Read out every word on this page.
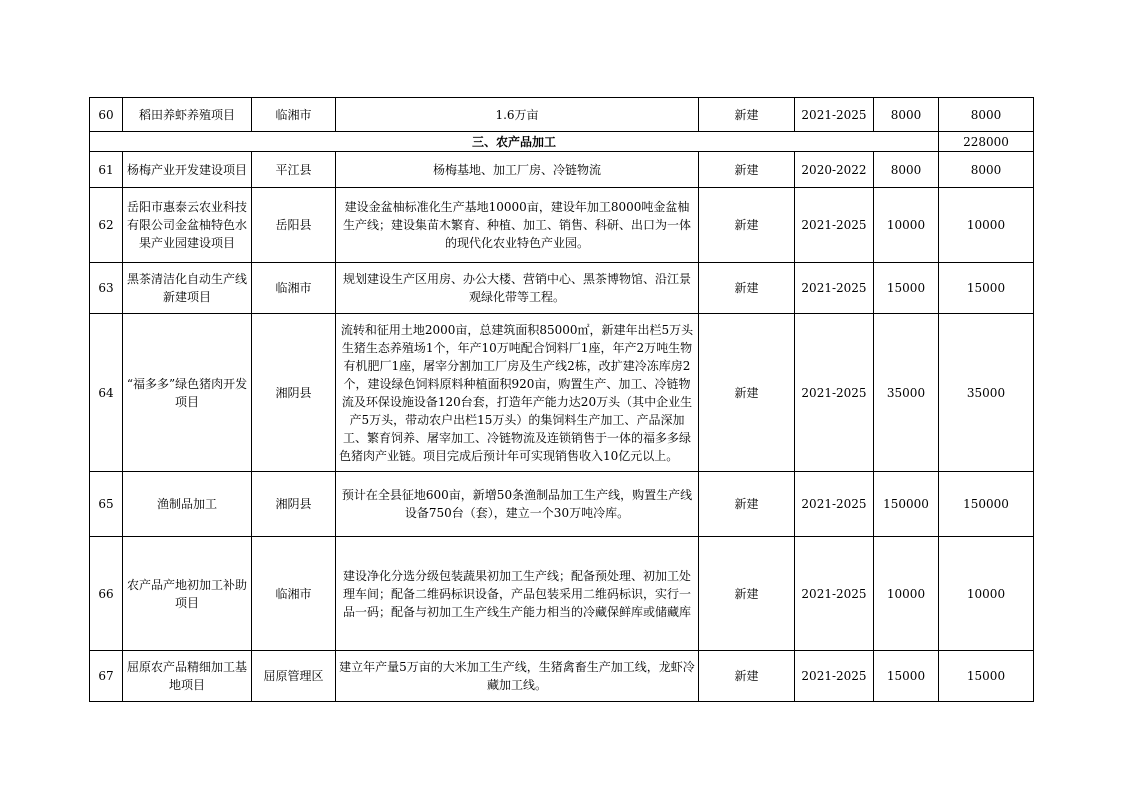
60	稻田养虾养殖项目	临湘市	1.6万亩	新建	2021-2025	8000	8000
三、农产品加工							228000
61	杨梅产业开发建设项目	平江县	杨梅基地、加工厂房、冷链物流	新建	2020-2022	8000	8000
62	岳阳市惠泰云农业科技有限公司金盆柚特色水果产业园建设项目	岳阳县	建设金盆柚标准化生产基地10000亩，建设年加工8000吨金盆柚生产线；建设集苗木繁育、种植、加工、销售、科研、出口为一体的现代化农业特色产业园。	新建	2021-2025	10000	10000
63	黑茶清洁化自动生产线新建项目	临湘市	规划建设生产区用房、办公大楼、营销中心、黑茶博物馆、沿江景观绿化带等工程。	新建	2021-2025	15000	15000
64	“福多多”绿色猪肉开发项目	湘阴县	流转和征用土地2000亩，总建筑面积85000㎡，新建年出栏5万头生猪生态养殖场1个，年产10万吨配合饲料厂1座，年产2万吨生物有机肥厂1座，屠宰分割加工厂房及生产线2栋，改扩建冷冻库房2个，建设绿色饲料原料种植面积920亩，购置生产、加工、冷链物流及环保设施设备120台套，打造年产能力达20万头（其中企业生产5万头，带动农户出栏15万头）的集饲料生产加工、产品深加工、繁育饲养、屠宰加工、冷链物流及连锁销售于一体的福多多绿色猪肉产业链。项目完成后预计年可实现销售收入10亿元以上。	新建	2021-2025	35000	35000
65	渔制品加工	湘阴县	预计在全县征地600亩，新增50条渔制品加工生产线，购置生产线设备750台（套），建立一个30万吨冷库。	新建	2021-2025	150000	150000
66	农产品产地初加工补助项目	临湘市	建设净化分选分级包装蔬果初加工生产线；配备预处理、初加工处理车间；配备二维码标识设备，产品包装采用二维码标识，实行一品一码；配备与初加工生产线生产能力相当的冷藏保鲜库或储藏库	新建	2021-2025	10000	10000
67	屈原农产品精细加工基地项目	屈原管理区	建立年产量5万亩的大米加工生产线，生猪禽畜生产加工线，龙虾冷藏加工线。	新建	2021-2025	15000	15000
